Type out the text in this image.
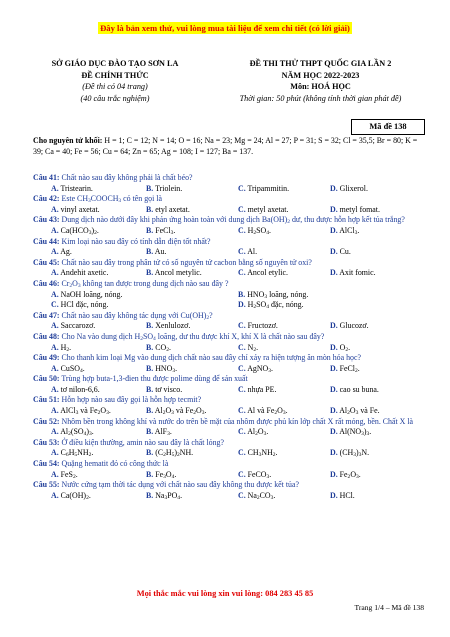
Đây là bản xem thử, vui lòng mua tài liệu để xem chi tiết (có lời giải)
SỞ GIÁO DỤC ĐÀO TẠO SƠN LA
ĐỀ CHÍNH THỨC
(Đề thi có 04 trang)
(40 câu trắc nghiệm)
ĐỀ THI THỬ THPT QUỐC GIA LẦN 2
NĂM HỌC 2022-2023
Môn: HOÁ HỌC
Thời gian: 50 phút (không tính thời gian phát đề)
Mã đề 138
Cho nguyên tử khối: H = 1; C = 12; N = 14; O = 16; Na = 23; Mg = 24; Al = 27; P = 31; S = 32; Cl = 35,5; Br = 80; K = 39; Ca = 40; Fe = 56; Cu = 64; Zn = 65; Ag = 108; I = 127; Ba = 137.
Câu 41: Chất nào sau đây không phải là chất béo?
A. Tristearin.	B. Triolein.	C. Tripammitin.	D. Glixerol.
Câu 42: Este $CH_3COOCH_3$ có tên gọi là
A. vinyl axetat.	B. etyl axetat.	C. metyl axetat.	D. metyl fomat.
Câu 43: Dung dịch nào dưới đây khi phản ứng hoàn toàn với dung dịch $Ba(OH)_2$ dư, thu được hỗn hợp kết tủa trắng?
A. $Ca(HCO_3)_2$.	B. FeCl$_3$.	C. $H_2SO_4$.	D. AlCl$_3$.
Câu 44: Kim loại nào sau đây có tính dẫn điện tốt nhất?
A. Ag.	B. Au.	C. Al.	D. Cu.
Câu 45: Chất nào sau đây trong phân tử có số nguyên tử cacbon bằng số nguyên tử oxi?
A. Andehit axetic.	B. Ancol metylic.	C. Ancol etylic.	D. Axit fomic.
Câu 46: $Cr_2O_3$ không tan được trong dung dịch nào sau đây ?
A. NaOH loãng, nóng.	B. $HNO_3$ loãng, nóng.
C. HCl đặc, nóng.	D. $H_2SO_4$ đặc, nóng.
Câu 47: Chất nào sau đây không tác dụng với $Cu(OH)_2$?
A. Saccarozơ.	B. Xenlulozơ.	C. Fructozơ.	D. Glucozơ.
Câu 48: Cho Na vào dung dịch $H_2SO_4$ loãng, dư thu được khí X, khí X là chất nào sau đây?
A. $H_2$.	B. $CO_2$.	C. $N_2$.	D. $O_2$.
Câu 49: Cho thanh kim loại Mg vào dung dịch chất nào sau đây chỉ xảy ra hiện tượng ăn mòn hóa học?
A. CuSO$_4$.	B. $HNO_3$.	C. AgNO$_3$.	D. FeCl$_2$.
Câu 50: Trùng hợp buta-1,3-đien thu được polime dùng để sản xuất
A. tơ nilon-6,6.	B. tơ visco.	C. nhựa PE.	D. cao su buna.
Câu 51: Hỗn hợp nào sau đây gọi là hỗn hợp tecmit?
A. AlCl$_3$ và $Fe_2O_3$.	B. $Al_2O_3$ và $Fe_2O_3$.	C. Al và $Fe_2O_3$.	D. $Al_2O_3$ và Fe.
Câu 52: Nhôm bền trong không khí và nước do trên bề mặt của nhôm được phủ kín lớp chất X rất mỏng, bền. Chất X là
A. $Al_2(SO_4)_3$.	B. AlF$_3$.	C. $Al_2O_3$.	D. $Al(NO_3)_3$.
Câu 53: Ở điều kiện thường, amin nào sau đây là chất lỏng?
A. $C_6H_5NH_2$.	B. $(C_2H_5)_2NH$.	C. $CH_3NH_2$.	D. $(CH_3)_3N$.
Câu 54: Quặng hematit đỏ có công thức là
A. FeS$_2$.	B. $Fe_3O_4$.	C. FeCO$_3$.	D. $Fe_2O_3$.
Câu 55: Nước cứng tạm thời tác dụng với chất nào sau đây không thu được kết tủa?
A. $Ca(OH)_2$.	B. $Na_3PO_4$.	C. $Na_2CO_3$.	D. HCl.
Mọi thắc mắc vui lòng xin vui lòng: 084 283 45 85
Trang 1/4 – Mã đề 138
